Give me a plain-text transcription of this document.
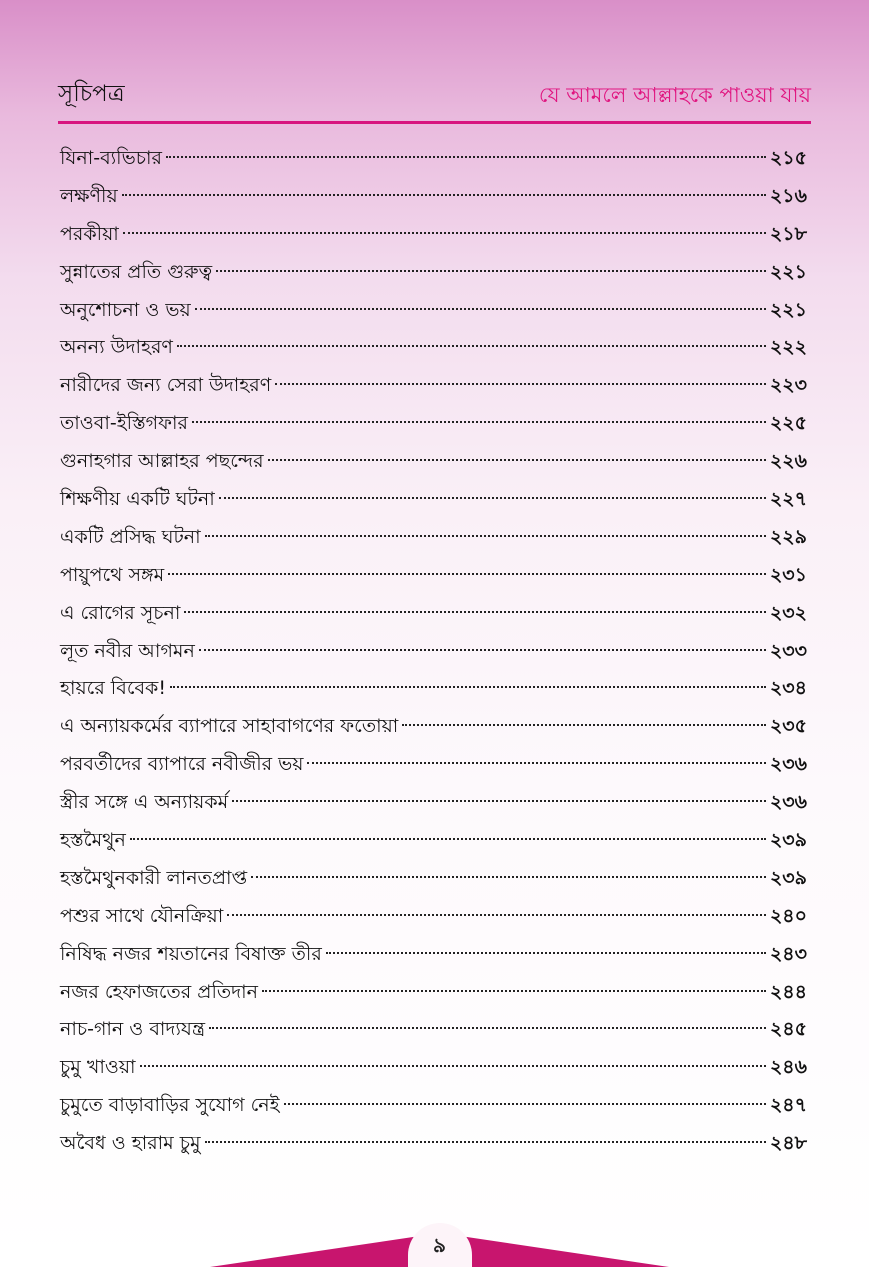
সূচিপত্র	যে আমলে আল্লাহকে পাওয়া যায়
যিনা-ব্যভিচার	২১৫
লক্ষণীয়	২১৬
পরকীয়া	২১৮
সুন্নাতের প্রতি গুরুত্ব	২২১
অনুশোচনা ও ভয়	২২১
অনন্য উদাহরণ	২২২
নারীদের জন্য সেরা উদাহরণ	২২৩
তাওবা-ইস্তিগফার	২২৫
গুনাহগার আল্লাহর পছন্দের	২২৬
শিক্ষণীয় একটি ঘটনা	২২৭
একটি প্রসিদ্ধ ঘটনা	২২৯
পায়ুপথে সঙ্গম	২৩১
এ রোগের সূচনা	২৩২
লূত নবীর আগমন	২৩৩
হায়রে বিবেক!	২৩৪
এ অন্যায়কর্মের ব্যাপারে সাহাবাগণের ফতোয়া	২৩৫
পরবর্তীদের ব্যাপারে নবীজীর ভয়	২৩৬
স্ত্রীর সঙ্গে এ অন্যায়কর্ম	২৩৬
হস্তমৈথুন	২৩৯
হস্তমৈথুনকারী লানতপ্রাপ্ত	২৩৯
পশুর সাথে যৌনক্রিয়া	২৪০
নিষিদ্ধ নজর শয়তানের বিষাক্ত তীর	২৪৩
নজর হেফাজতের প্রতিদান	২৪৪
নাচ-গান ও বাদ্যযন্ত্র	২৪৫
চুমু খাওয়া	২৪৬
চুমুতে বাড়াবাড়ির সুযোগ নেই	২৪৭
অবৈধ ও হারাম চুমু	২৪৮
৯
